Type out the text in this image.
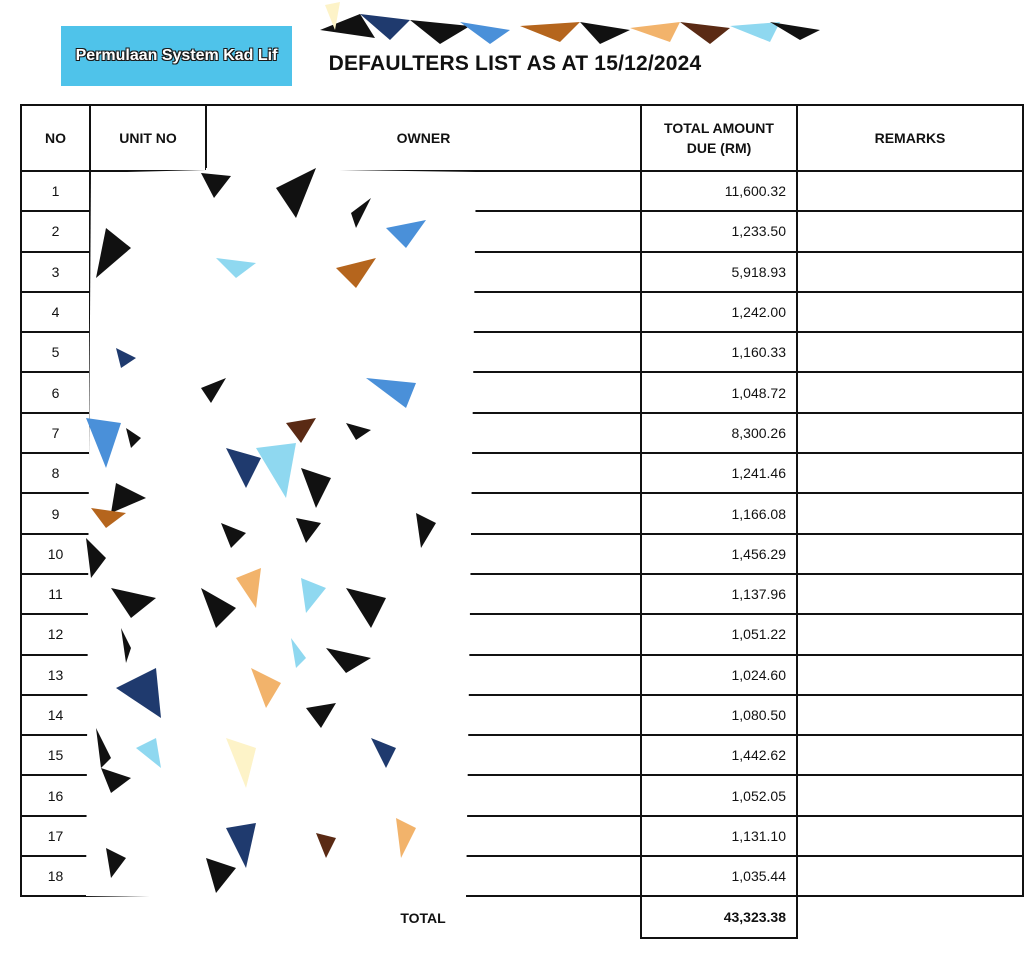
Permulaan System Kad Lif	DEFAULTERS LIST AS AT 15/12/2024
NO	UNIT NO	OWNER	TOTAL AMOUNT DUE (RM)	REMARKS
1			11,600.32	
2			1,233.50	
3			5,918.93	
4			1,242.00	
5			1,160.33	
6			1,048.72	
7			8,300.26	
8			1,241.46	
9			1,166.08	
10			1,456.29	
11			1,137.96	
12			1,051.22	
13			1,024.60	
14			1,080.50	
15			1,442.62	
16			1,052.05	
17			1,131.10	
18			1,035.44	
		TOTAL	43,323.38	
